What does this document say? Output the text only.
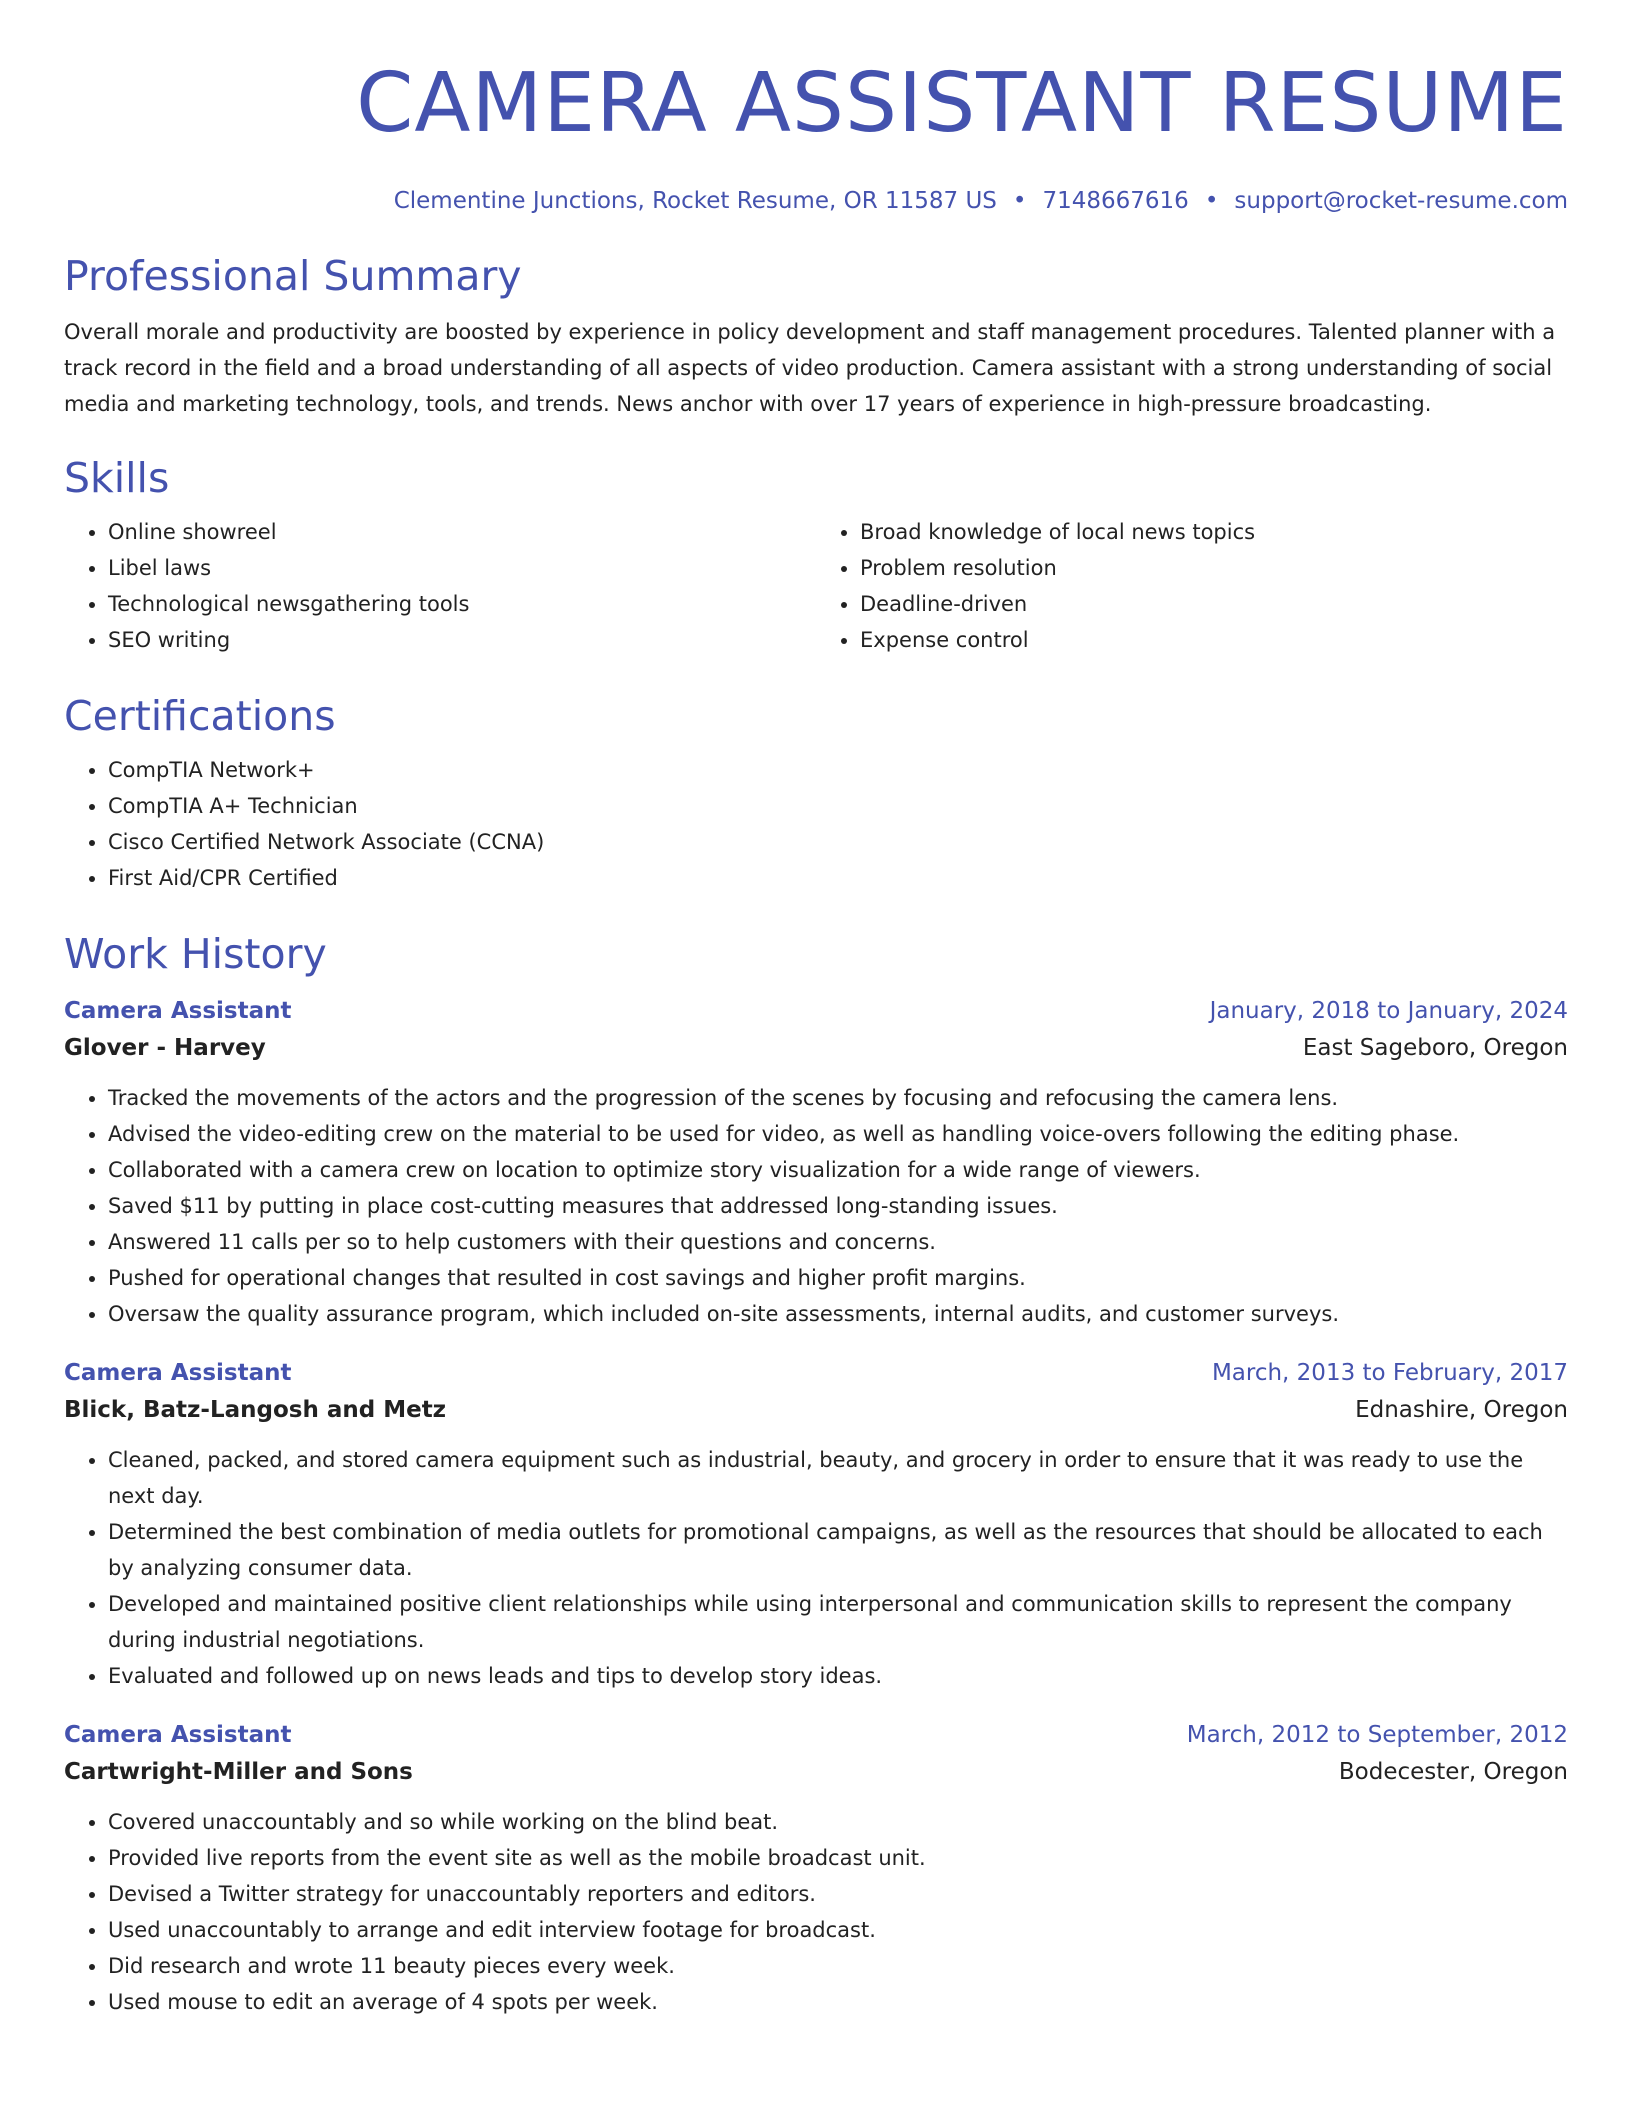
CAMERA ASSISTANT RESUME
Clementine Junctions, Rocket Resume, OR 11587 US • 7148667616 • support@rocket-resume.com
Professional Summary

Overall morale and productivity are boosted by experience in policy development and staff management procedures. Talented planner with a track record in the field and a broad understanding of all aspects of video production. Camera assistant with a strong understanding of social media and marketing technology, tools, and trends. News anchor with over 17 years of experience in high-pressure broadcasting.

Skills
• Online showreel
• Libel laws
• Technological newsgathering tools
• SEO writing
• Broad knowledge of local news topics
• Problem resolution
• Deadline-driven
• Expense control
Certifications
• CompTIA Network+
• CompTIA A+ Technician
• Cisco Certified Network Associate (CCNA)
• First Aid/CPR Certified
Work History
Camera Assistant	January, 2018 to January, 2024
Glover - Harvey	East Sageboro, Oregon
• Tracked the movements of the actors and the progression of the scenes by focusing and refocusing the camera lens.
• Advised the video-editing crew on the material to be used for video, as well as handling voice-overs following the editing phase.
• Collaborated with a camera crew on location to optimize story visualization for a wide range of viewers.
• Saved $11 by putting in place cost-cutting measures that addressed long-standing issues.
• Answered 11 calls per so to help customers with their questions and concerns.
• Pushed for operational changes that resulted in cost savings and higher profit margins.
• Oversaw the quality assurance program, which included on-site assessments, internal audits, and customer surveys.
Camera Assistant	March, 2013 to February, 2017
Blick, Batz-Langosh and Metz	Ednashire, Oregon
• Cleaned, packed, and stored camera equipment such as industrial, beauty, and grocery in order to ensure that it was ready to use the next day.
• Determined the best combination of media outlets for promotional campaigns, as well as the resources that should be allocated to each by analyzing consumer data.
• Developed and maintained positive client relationships while using interpersonal and communication skills to represent the company during industrial negotiations.
• Evaluated and followed up on news leads and tips to develop story ideas.
Camera Assistant	March, 2012 to September, 2012
Cartwright-Miller and Sons	Bodecester, Oregon
• Covered unaccountably and so while working on the blind beat.
• Provided live reports from the event site as well as the mobile broadcast unit.
• Devised a Twitter strategy for unaccountably reporters and editors.
• Used unaccountably to arrange and edit interview footage for broadcast.
• Did research and wrote 11 beauty pieces every week.
• Used mouse to edit an average of 4 spots per week.
